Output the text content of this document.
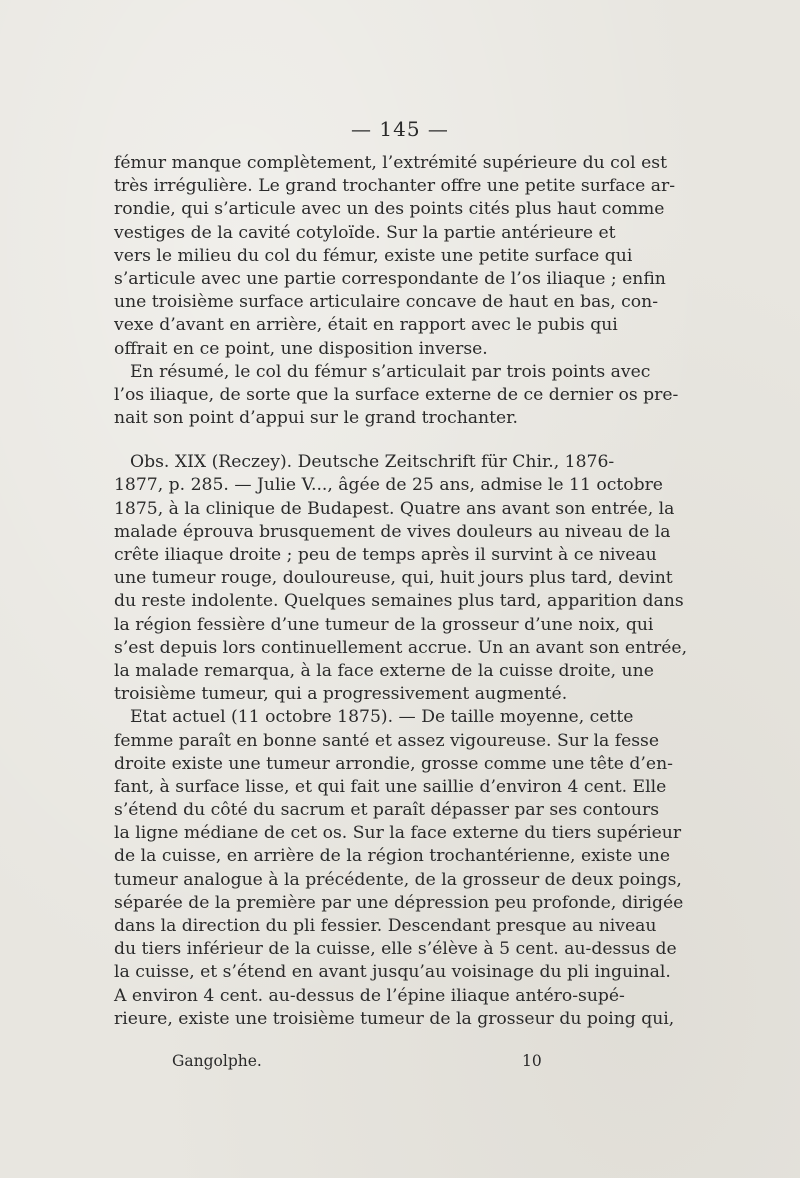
— 145 —
fémur manque complètement, l’extrémité supérieure du col est
très irrégulière. Le grand trochanter offre une petite surface ar-
rondie, qui s’articule avec un des points cités plus haut comme
vestiges de la cavité cotyloïde. Sur la partie antérieure et
vers le milieu du col du fémur, existe une petite surface qui
s’articule avec une partie correspondante de l’os iliaque ; enfin
une troisième surface articulaire concave de haut en bas, con-
vexe d’avant en arrière, était en rapport avec le pubis qui
offrait en ce point, une disposition inverse.
En résumé, le col du fémur s’articulait par trois points avec
l’os iliaque, de sorte que la surface externe de ce dernier os pre-
nait son point d’appui sur le grand trochanter.
Obs. XIX (Reczey). Deutsche Zeitschrift für Chir., 1876-
1877, p. 285. — Julie V..., âgée de 25 ans, admise le 11 octobre
1875, à la clinique de Budapest. Quatre ans avant son entrée, la
malade éprouva brusquement de vives douleurs au niveau de la
crête iliaque droite ; peu de temps après il survint à ce niveau
une tumeur rouge, douloureuse, qui, huit jours plus tard, devint
du reste indolente. Quelques semaines plus tard, apparition dans
la région fessière d’une tumeur de la grosseur d’une noix, qui
s’est depuis lors continuellement accrue. Un an avant son entrée,
la malade remarqua, à la face externe de la cuisse droite, une
troisième tumeur, qui a progressivement augmenté.
Etat actuel (11 octobre 1875). — De taille moyenne, cette
femme paraît en bonne santé et assez vigoureuse. Sur la fesse
droite existe une tumeur arrondie, grosse comme une tête d’en-
fant, à surface lisse, et qui fait une saillie d’environ 4 cent. Elle
s’étend du côté du sacrum et paraît dépasser par ses contours
la ligne médiane de cet os. Sur la face externe du tiers supérieur
de la cuisse, en arrière de la région trochantérienne, existe une
tumeur analogue à la précédente, de la grosseur de deux poings,
séparée de la première par une dépression peu profonde, dirigée
dans la direction du pli fessier. Descendant presque au niveau
du tiers inférieur de la cuisse, elle s’élève à 5 cent. au-dessus de
la cuisse, et s’étend en avant jusqu’au voisinage du pli inguinal.
A environ 4 cent. au-dessus de l’épine iliaque antéro-supé-
rieure, existe une troisième tumeur de la grosseur du poing qui,
Gangolphe.	10
